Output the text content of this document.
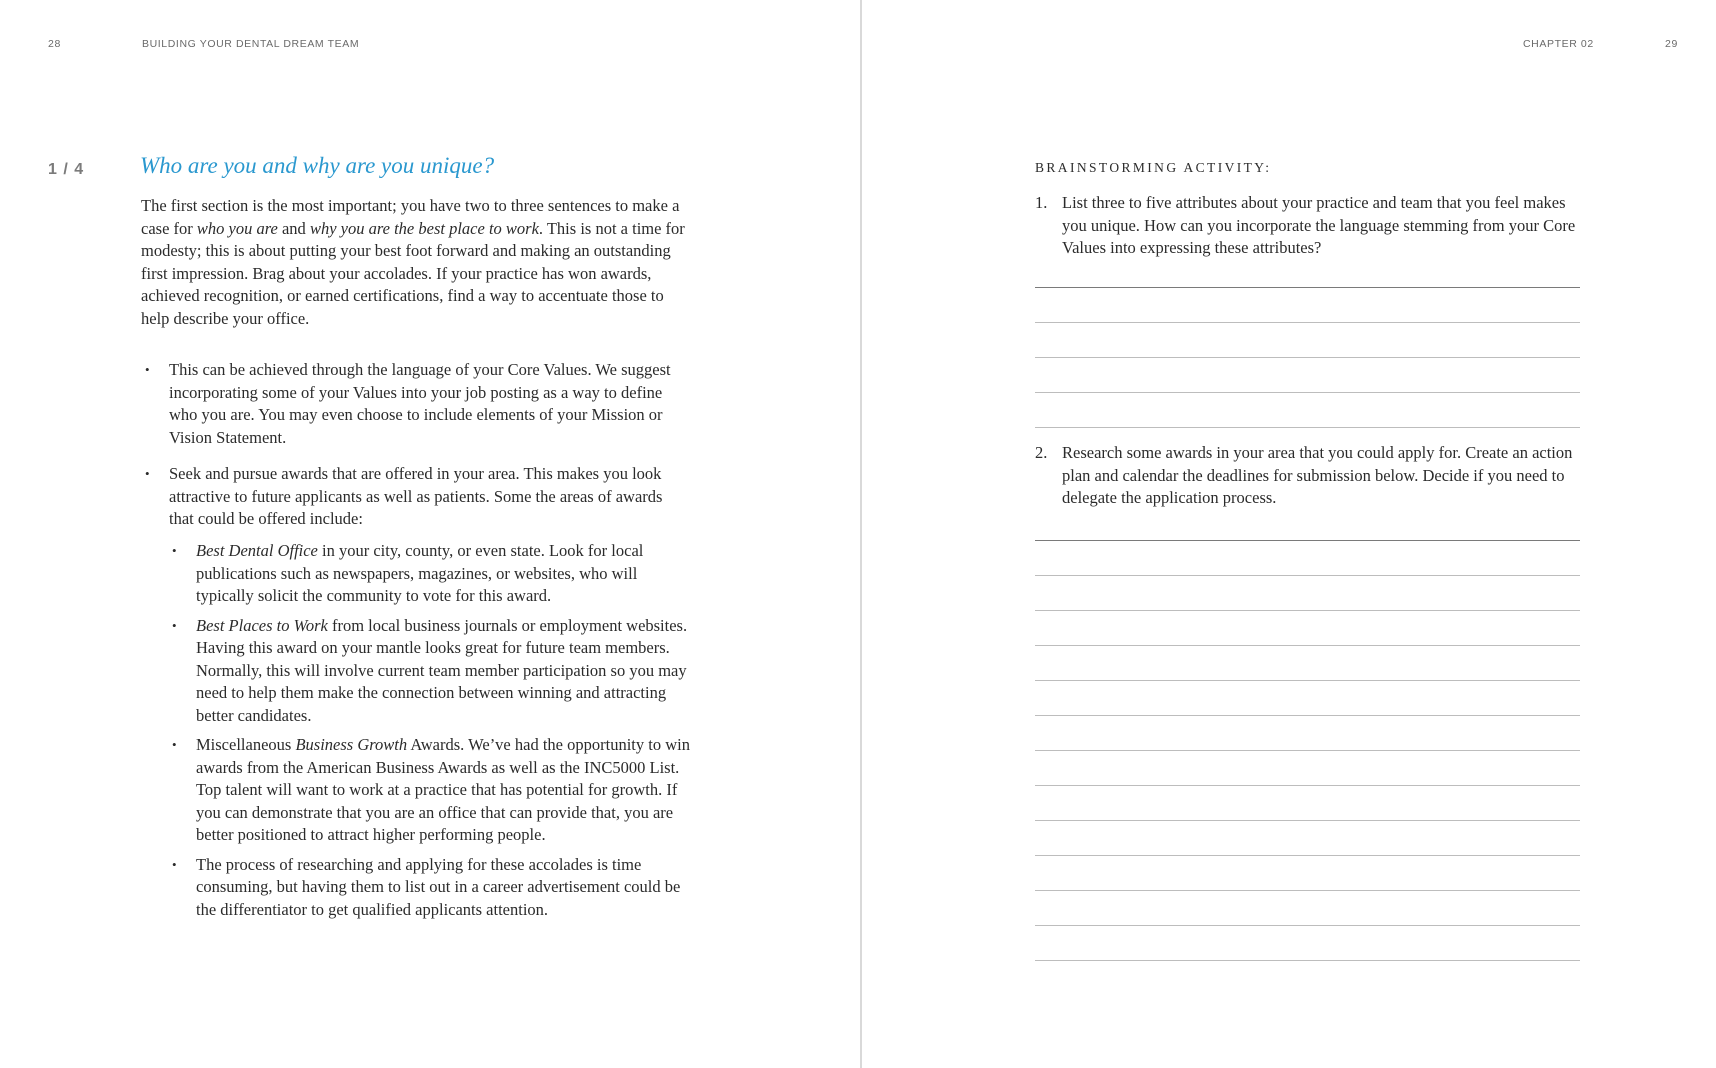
28	BUILDING YOUR DENTAL DREAM TEAM
1 / 4 Who are you and why are you unique?

The first section is the most important; you have two to three sentences to make a case for who you are and why you are the best place to work. This is not a time for modesty; this is about putting your best foot forward and making an outstanding first impression. Brag about your accolades. If your practice has won awards, achieved recognition, or earned certifications, find a way to accentuate those to help describe your office.

• This can be achieved through the language of your Core Values. We suggest incorporating some of your Values into your job posting as a way to define who you are. You may even choose to include elements of your Mission or Vision Statement.
• Seek and pursue awards that are offered in your area. This makes you look attractive to future applicants as well as patients. Some the areas of awards that could be offered include:
• Best Dental Office in your city, county, or even state. Look for local publications such as newspapers, magazines, or websites, who will typically solicit the community to vote for this award.
• Best Places to Work from local business journals or employment websites. Having this award on your mantle looks great for future team members. Normally, this will involve current team member participation so you may need to help them make the connection between winning and attracting better candidates.
• Miscellaneous Business Growth Awards. We’ve had the opportunity to win awards from the American Business Awards as well as the INC5000 List. Top talent will want to work at a practice that has potential for growth. If you can demonstrate that you are an office that can provide that, you are better positioned to attract higher performing people.
• The process of researching and applying for these accolades is time consuming, but having them to list out in a career advertisement could be the differentiator to get qualified applicants attention.
CHAPTER 02	29
BRAINSTORMING ACTIVITY:
1. List three to five attributes about your practice and team that you feel makes you unique. How can you incorporate the language stemming from your Core Values into expressing these attributes?
2. Research some awards in your area that you could apply for. Create an action plan and calendar the deadlines for submission below. Decide if you need to delegate the application process.
